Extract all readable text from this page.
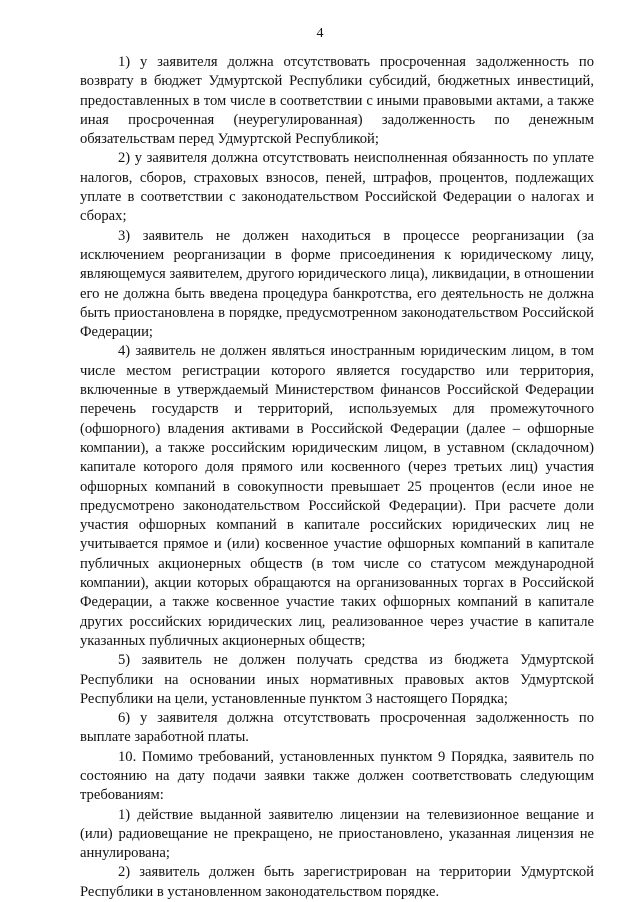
4

1) у заявителя должна отсутствовать просроченная задолженность по возврату в бюджет Удмуртской Республики субсидий, бюджетных инвестиций, предоставленных в том числе в соответствии с иными правовыми актами, а также иная просроченная (неурегулированная) задолженность по денежным обязательствам перед Удмуртской Республикой;

2) у заявителя должна отсутствовать неисполненная обязанность по уплате налогов, сборов, страховых взносов, пеней, штрафов, процентов, подлежащих уплате в соответствии с законодательством Российской Федерации о налогах и сборах;

3) заявитель не должен находиться в процессе реорганизации (за исключением реорганизации в форме присоединения к юридическому лицу, являющемуся заявителем, другого юридического лица), ликвидации, в отношении его не должна быть введена процедура банкротства, его деятельность не должна быть приостановлена в порядке, предусмотренном законодательством Российской Федерации;

4) заявитель не должен являться иностранным юридическим лицом, в том числе местом регистрации которого является государство или территория, включенные в утверждаемый Министерством финансов Российской Федерации перечень государств и территорий, используемых для промежуточного (офшорного) владения активами в Российской Федерации (далее – офшорные компании), а также российским юридическим лицом, в уставном (складочном) капитале которого доля прямого или косвенного (через третьих лиц) участия офшорных компаний в совокупности превышает 25 процентов (если иное не предусмотрено законодательством Российской Федерации). При расчете доли участия офшорных компаний в капитале российских юридических лиц не учитывается прямое и (или) косвенное участие офшорных компаний в капитале публичных акционерных обществ (в том числе со статусом международной компании), акции которых обращаются на организованных торгах в Российской Федерации, а также косвенное участие таких офшорных компаний в капитале других российских юридических лиц, реализованное через участие в капитале указанных публичных акционерных обществ;

5) заявитель не должен получать средства из бюджета Удмуртской Республики на основании иных нормативных правовых актов Удмуртской Республики на цели, установленные пунктом 3 настоящего Порядка;

6) у заявителя должна отсутствовать просроченная задолженность по выплате заработной платы.

10. Помимо требований, установленных пунктом 9 Порядка, заявитель по состоянию на дату подачи заявки также должен соответствовать следующим требованиям:

1) действие выданной заявителю лицензии на телевизионное вещание и (или) радиовещание не прекращено, не приостановлено, указанная лицензия не аннулирована;

2) заявитель должен быть зарегистрирован на территории Удмуртской Республики в установленном законодательством порядке.
